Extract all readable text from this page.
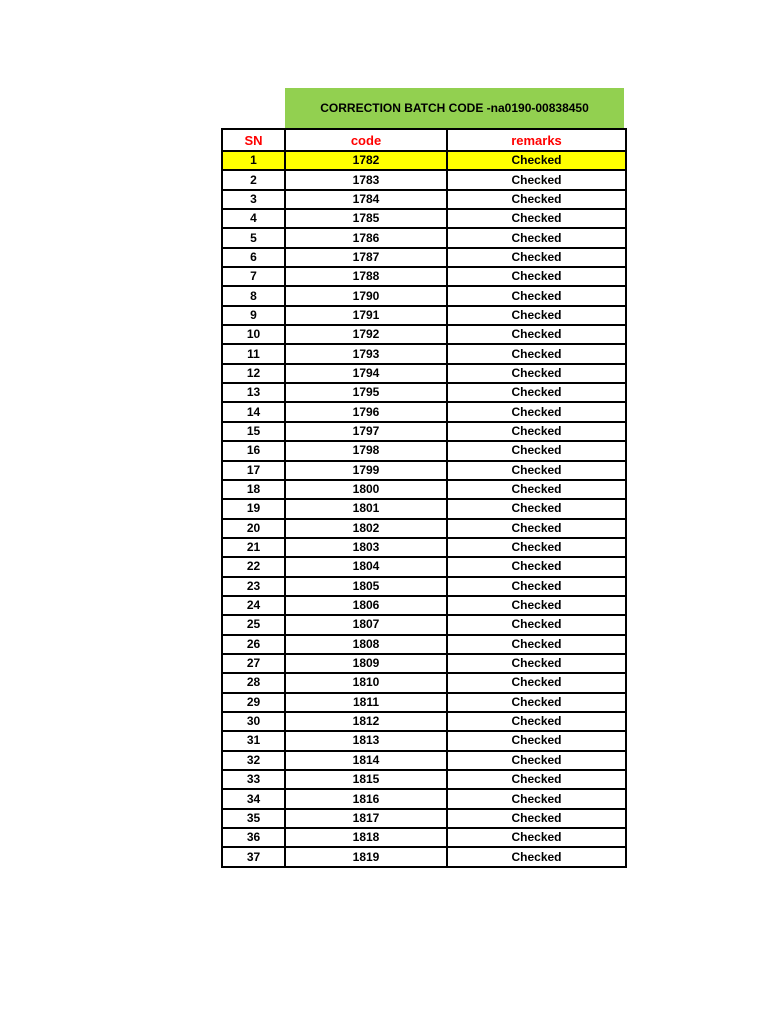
CORRECTION BATCH CODE -na0190-00838450
SN	code	remarks
1	1782	Checked
2	1783	Checked
3	1784	Checked
4	1785	Checked
5	1786	Checked
6	1787	Checked
7	1788	Checked
8	1790	Checked
9	1791	Checked
10	1792	Checked
11	1793	Checked
12	1794	Checked
13	1795	Checked
14	1796	Checked
15	1797	Checked
16	1798	Checked
17	1799	Checked
18	1800	Checked
19	1801	Checked
20	1802	Checked
21	1803	Checked
22	1804	Checked
23	1805	Checked
24	1806	Checked
25	1807	Checked
26	1808	Checked
27	1809	Checked
28	1810	Checked
29	1811	Checked
30	1812	Checked
31	1813	Checked
32	1814	Checked
33	1815	Checked
34	1816	Checked
35	1817	Checked
36	1818	Checked
37	1819	Checked
